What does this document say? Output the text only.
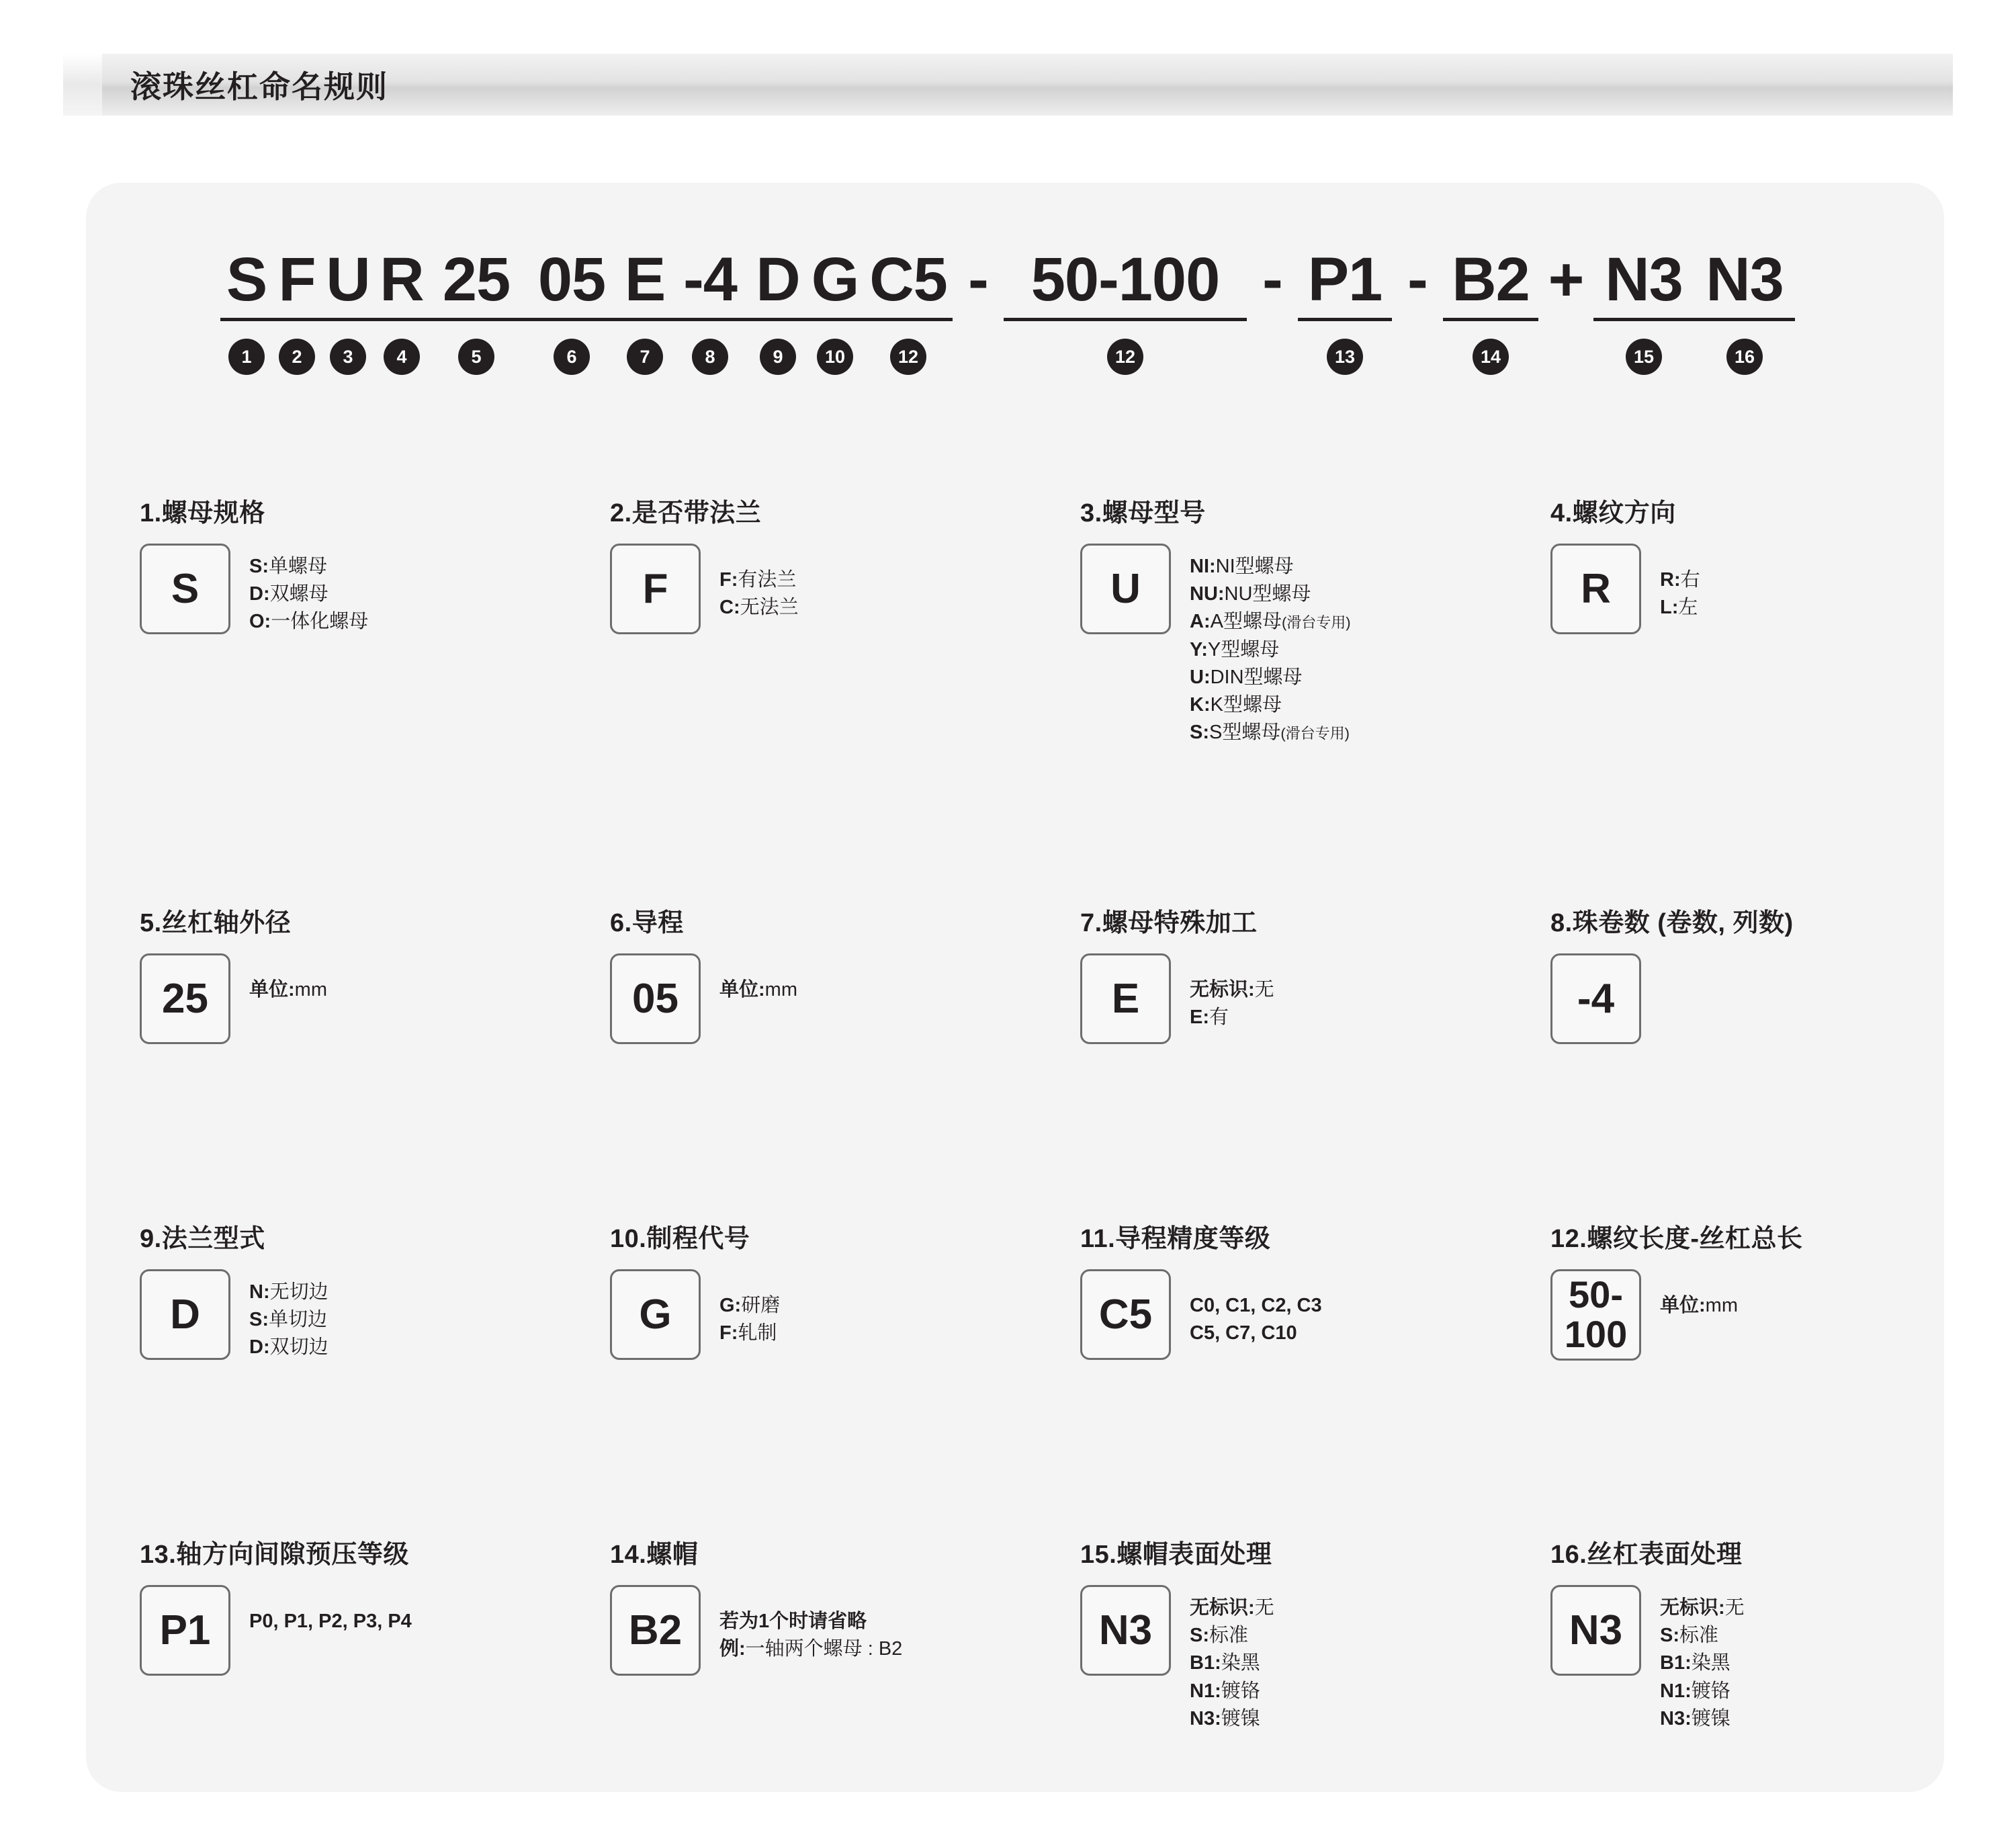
滚珠丝杠命名规则
S F U R 25 05 E -4 D G C5 - 50-100 - P1 - B2 + N3 N3
1	2	3	4	5	6	7	8	9	10	12	12	13	14	15	16
1.螺母规格
S	S:单螺母
D:双螺母
O:一体化螺母
2.是否带法兰
F	F:有法兰
C:无法兰
3.螺母型号
U	NI:NI型螺母
NU:NU型螺母
A:A型螺母(滑台专用)
Y:Y型螺母
U:DIN型螺母
K:K型螺母
S:S型螺母(滑台专用)
4.螺纹方向
R	R:右
L:左
5.丝杠轴外径
25	单位:mm
6.导程
05	单位:mm
7.螺母特殊加工
E	无标识:无
E:有
8.珠卷数 (卷数, 列数)
-4
9.法兰型式
D	N:无切边
S:单切边
D:双切边
10.制程代号
G	G:研磨
F:轧制
11.导程精度等级
C5	C0, C1, C2, C3
C5, C7, C10
12.螺纹长度-丝杠总长
50-
100
单位:mm
13.轴方向间隙预压等级
P1	P0, P1, P2, P3, P4
14.螺帽
B2	若为1个时请省略
例:一轴两个螺母 : B2
15.螺帽表面处理
N3	无标识:无
S:标准
B1:染黑
N1:镀铬
N3:镀镍
16.丝杠表面处理
N3	无标识:无
S:标准
B1:染黑
N1:镀铬
N3:镀镍
